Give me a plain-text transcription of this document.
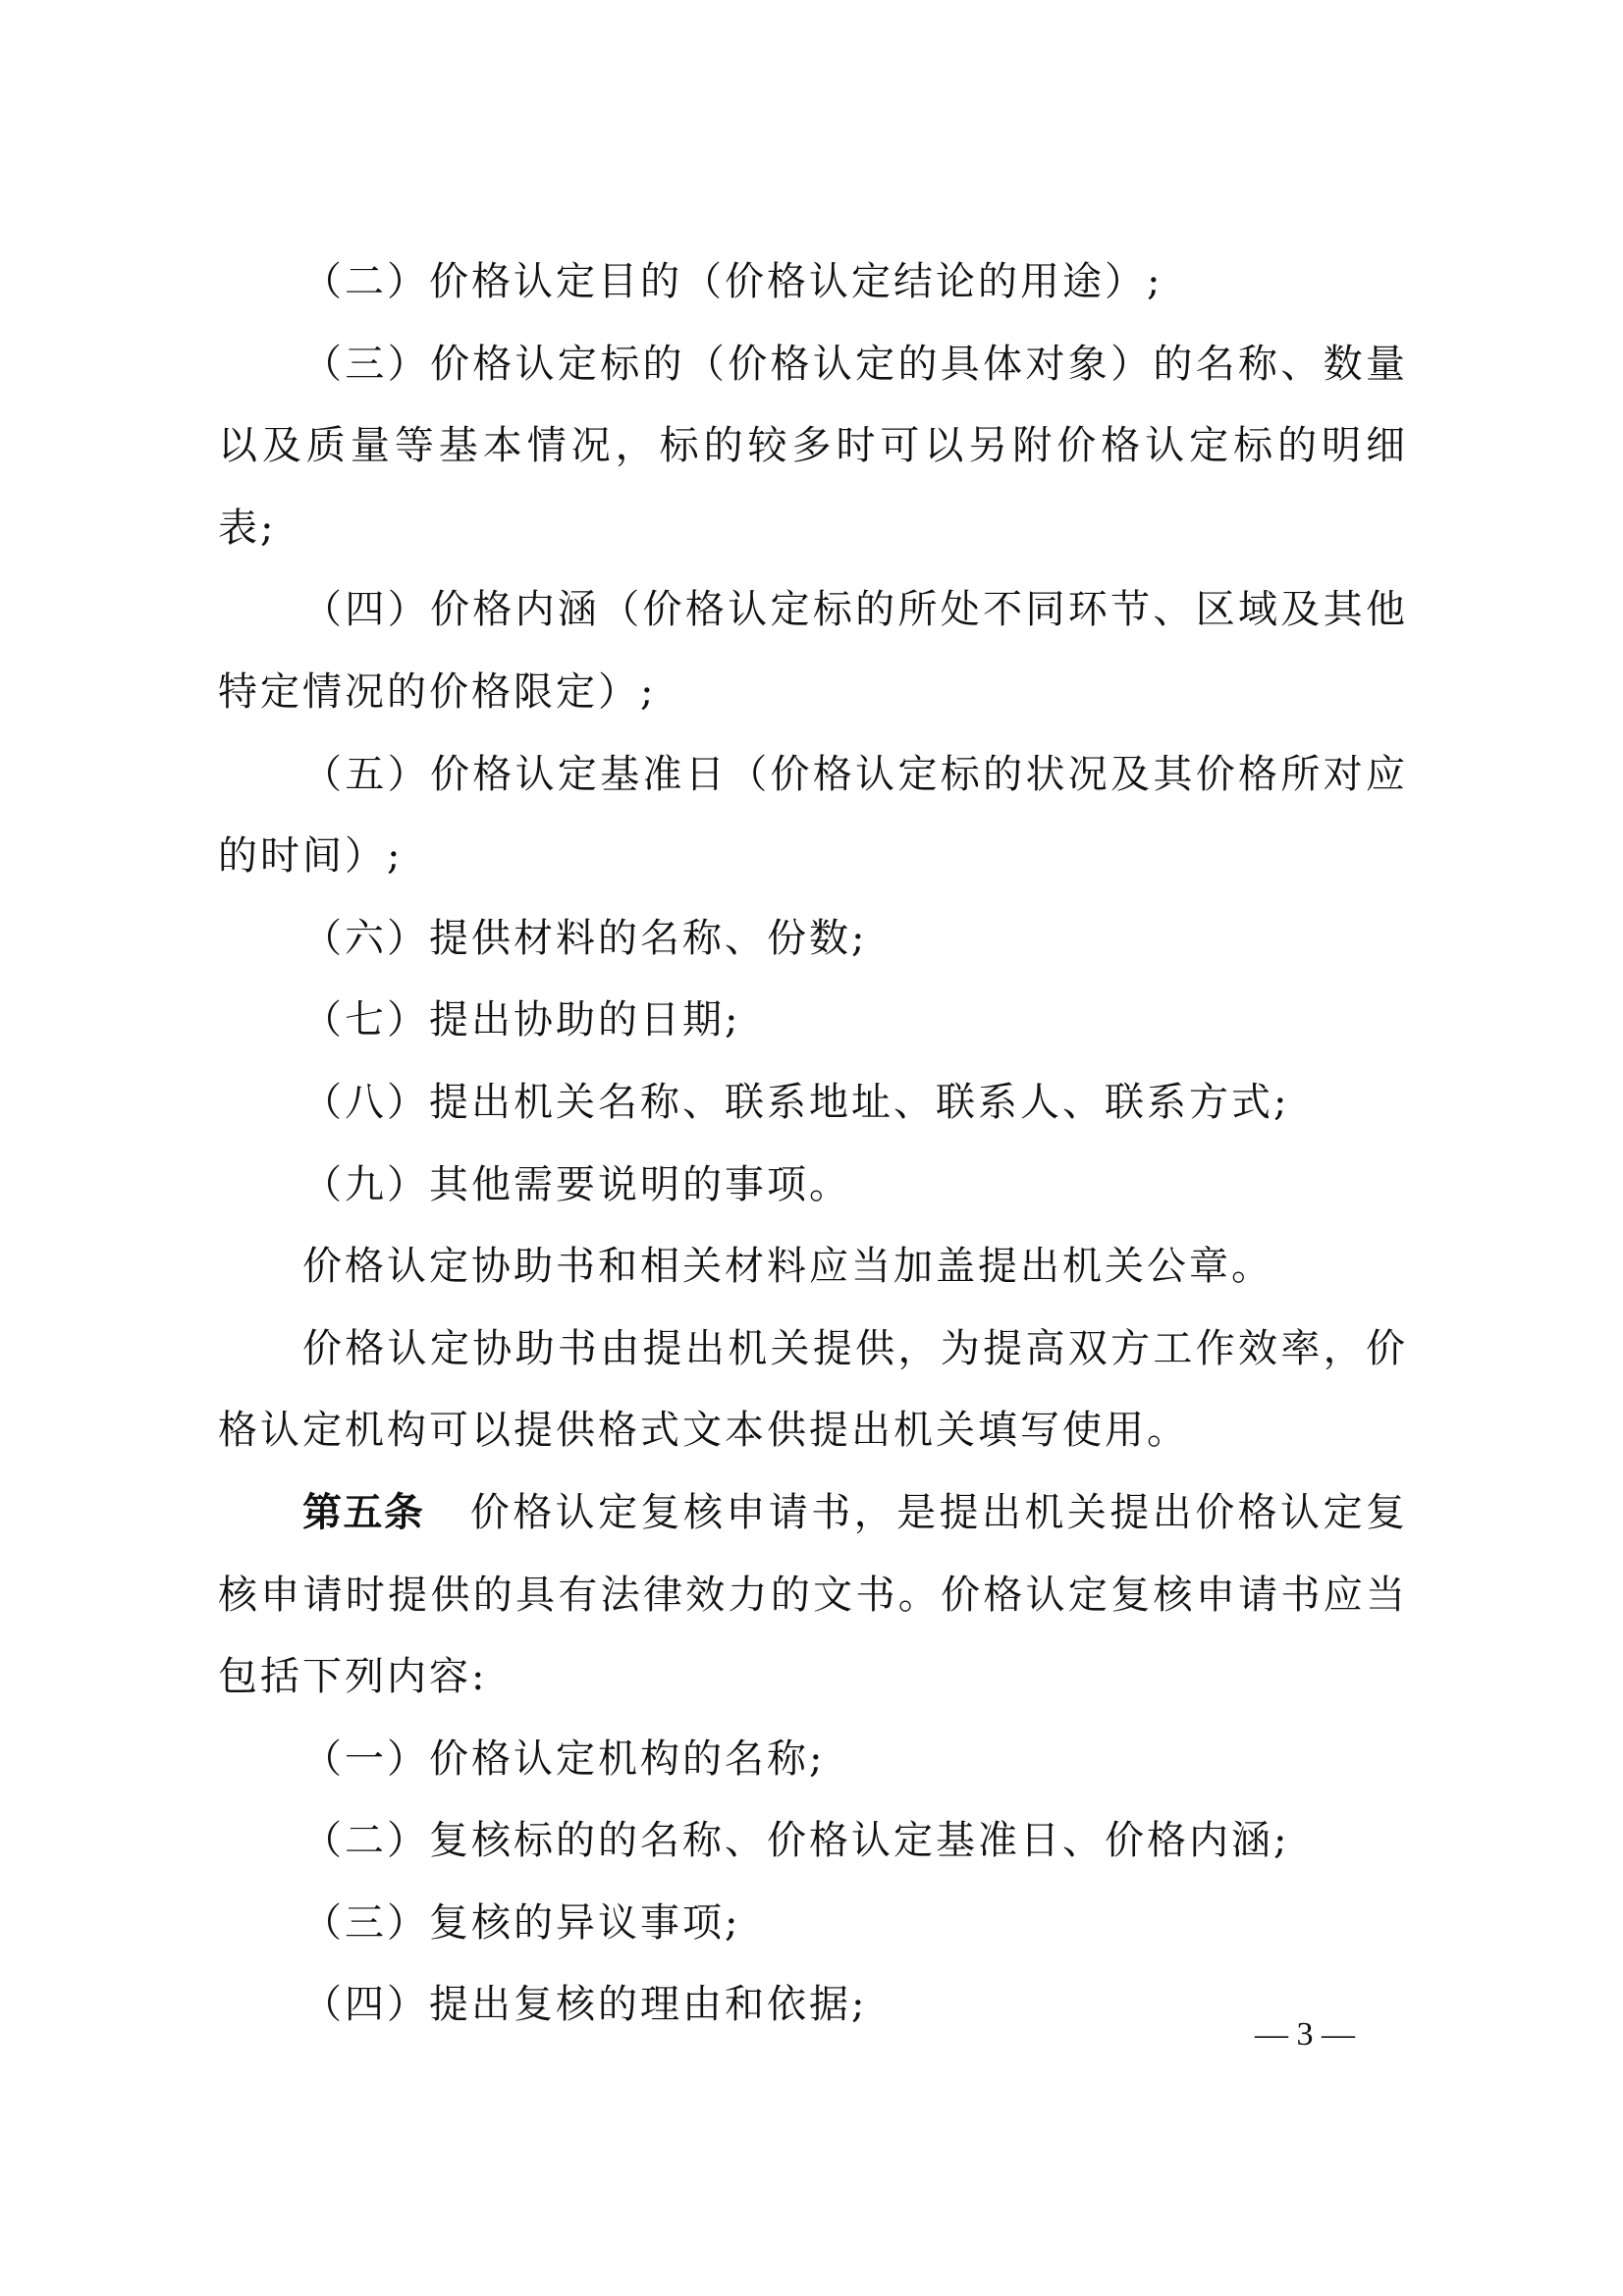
（二）价格认定目的（价格认定结论的用途）;

（三）价格认定标的（价格认定的具体对象）的名称、数量以及质量等基本情况，标的较多时可以另附价格认定标的明细表;

（四）价格内涵（价格认定标的所处不同环节、区域及其他特定情况的价格限定）;

（五）价格认定基准日（价格认定标的状况及其价格所对应的时间）;

（六）提供材料的名称、份数;

（七）提出协助的日期;

（八）提出机关名称、联系地址、联系人、联系方式;

（九）其他需要说明的事项。

价格认定协助书和相关材料应当加盖提出机关公章。

价格认定协助书由提出机关提供，为提高双方工作效率，价格认定机构可以提供格式文本供提出机关填写使用。

第五条 价格认定复核申请书，是提出机关提出价格认定复核申请时提供的具有法律效力的文书。价格认定复核申请书应当包括下列内容:

（一）价格认定机构的名称;

（二）复核标的的名称、价格认定基准日、价格内涵;

（三）复核的异议事项;

（四）提出复核的理由和依据;

— 3 —
